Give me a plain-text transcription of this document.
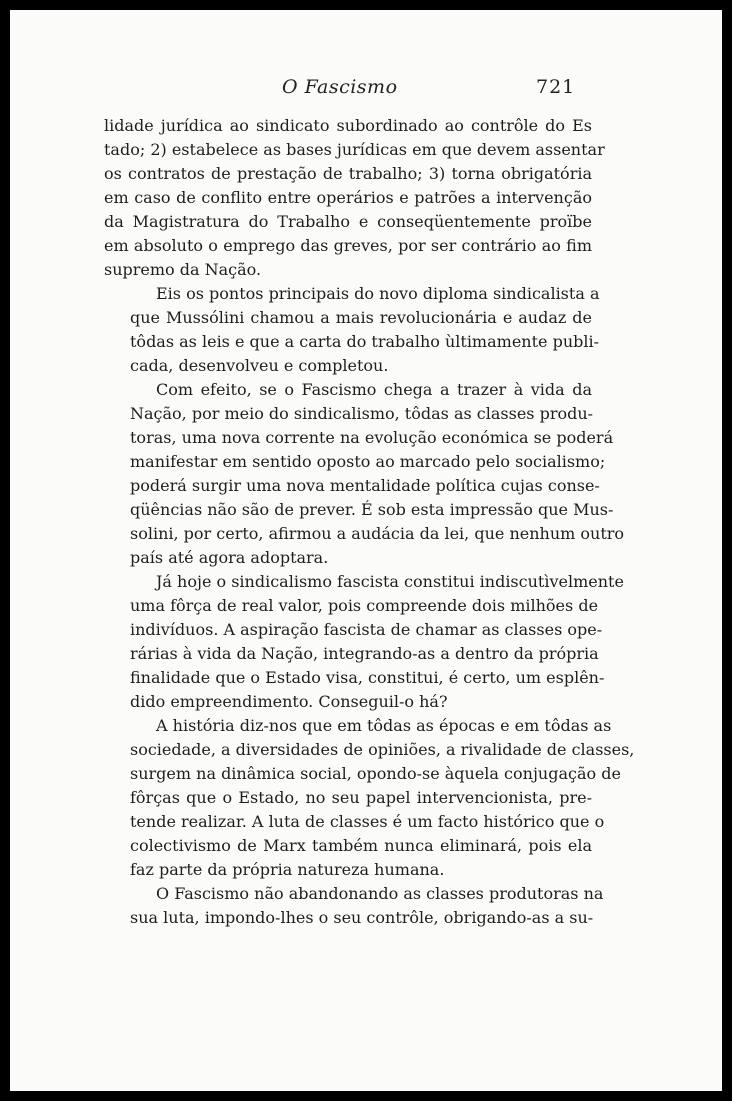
O Fascismo	721
lidade jurídica ao sindicato subordinado ao contrôle do Es
tado; 2) estabelece as bases jurídicas em que devem assentar
os contratos de prestação de trabalho; 3) torna obrigatória
em caso de conflito entre operários e patrões a intervenção
da Magistratura do Trabalho e conseqüentemente proïbe
em absoluto o emprego das greves, por ser contrário ao fim
supremo da Nação.
Eis os pontos principais do novo diploma sindicalista a
que Mussólini chamou a mais revolucionária e audaz de
tôdas as leis e que a carta do trabalho ùltimamente publi-
cada, desenvolveu e completou.
Com efeito, se o Fascismo chega a trazer à vida da
Nação, por meio do sindicalismo, tôdas as classes produ-
toras, uma nova corrente na evolução económica se poderá
manifestar em sentido oposto ao marcado pelo socialismo;
poderá surgir uma nova mentalidade política cujas conse-
qüências não são de prever. É sob esta impressão que Mus-
solini, por certo, afirmou a audácia da lei, que nenhum outro
país até agora adoptara.
Já hoje o sindicalismo fascista constitui indiscutìvelmente
uma fôrça de real valor, pois compreende dois milhões de
indivíduos. A aspiração fascista de chamar as classes ope-
rárias à vida da Nação, integrando-as a dentro da própria
finalidade que o Estado visa, constitui, é certo, um esplên-
dido empreendimento. Conseguil-o há?
A história diz-nos que em tôdas as épocas e em tôdas as
sociedade, a diversidades de opiniões, a rivalidade de classes,
surgem na dinâmica social, opondo-se àquela conjugação de
fôrças que o Estado, no seu papel intervencionista, pre-
tende realizar. A luta de classes é um facto histórico que o
colectivismo de Marx também nunca eliminará, pois ela
faz parte da própria natureza humana.
O Fascismo não abandonando as classes produtoras na
sua luta, impondo-lhes o seu contrôle, obrigando-as a su-
